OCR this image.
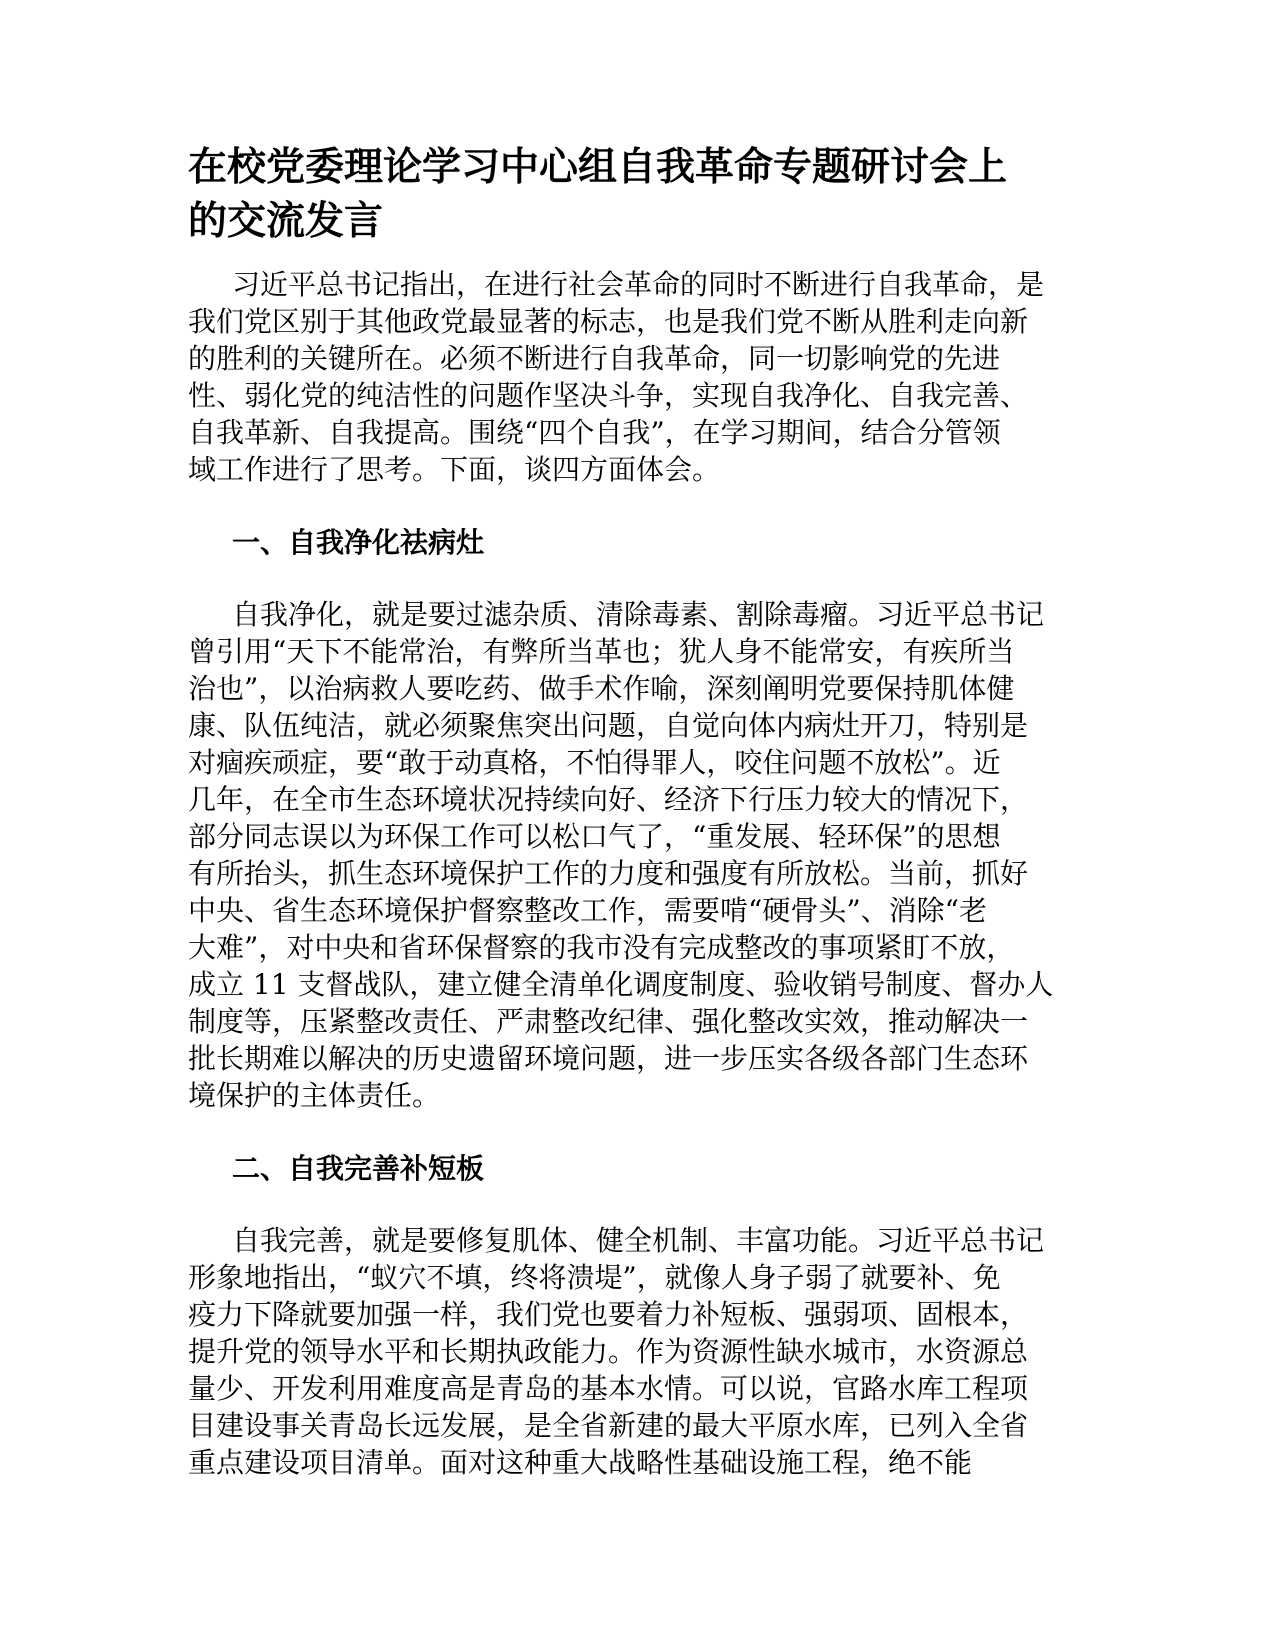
在校党委理论学习中心组自我革命专题研讨会上
的交流发言
习近平总书记指出，在进行社会革命的同时不断进行自我革命，是
我们党区别于其他政党最显著的标志，也是我们党不断从胜利走向新
的胜利的关键所在。必须不断进行自我革命，同一切影响党的先进
性、弱化党的纯洁性的问题作坚决斗争，实现自我净化、自我完善、
自我革新、自我提高。围绕“四个自我”，在学习期间，结合分管领
域工作进行了思考。下面，谈四方面体会。
一、自我净化祛病灶
自我净化，就是要过滤杂质、清除毒素、割除毒瘤。习近平总书记
曾引用“天下不能常治，有弊所当革也；犹人身不能常安，有疾所当
治也”，以治病救人要吃药、做手术作喻，深刻阐明党要保持肌体健
康、队伍纯洁，就必须聚焦突出问题，自觉向体内病灶开刀，特别是
对痼疾顽症，要“敢于动真格，不怕得罪人，咬住问题不放松”。近
几年，在全市生态环境状况持续向好、经济下行压力较大的情况下，
部分同志误以为环保工作可以松口气了，“重发展、轻环保”的思想
有所抬头，抓生态环境保护工作的力度和强度有所放松。当前，抓好
中央、省生态环境保护督察整改工作，需要啃“硬骨头”、消除“老
大难”，对中央和省环保督察的我市没有完成整改的事项紧盯不放，
成立 11 支督战队，建立健全清单化调度制度、验收销号制度、督办人
制度等，压紧整改责任、严肃整改纪律、强化整改实效，推动解决一
批长期难以解决的历史遗留环境问题，进一步压实各级各部门生态环
境保护的主体责任。
二、自我完善补短板
自我完善，就是要修复肌体、健全机制、丰富功能。习近平总书记
形象地指出，“蚁穴不填，终将溃堤”，就像人身子弱了就要补、免
疫力下降就要加强一样，我们党也要着力补短板、强弱项、固根本，
提升党的领导水平和长期执政能力。作为资源性缺水城市，水资源总
量少、开发利用难度高是青岛的基本水情。可以说，官路水库工程项
目建设事关青岛长远发展，是全省新建的最大平原水库，已列入全省
重点建设项目清单。面对这种重大战略性基础设施工程，绝不能
